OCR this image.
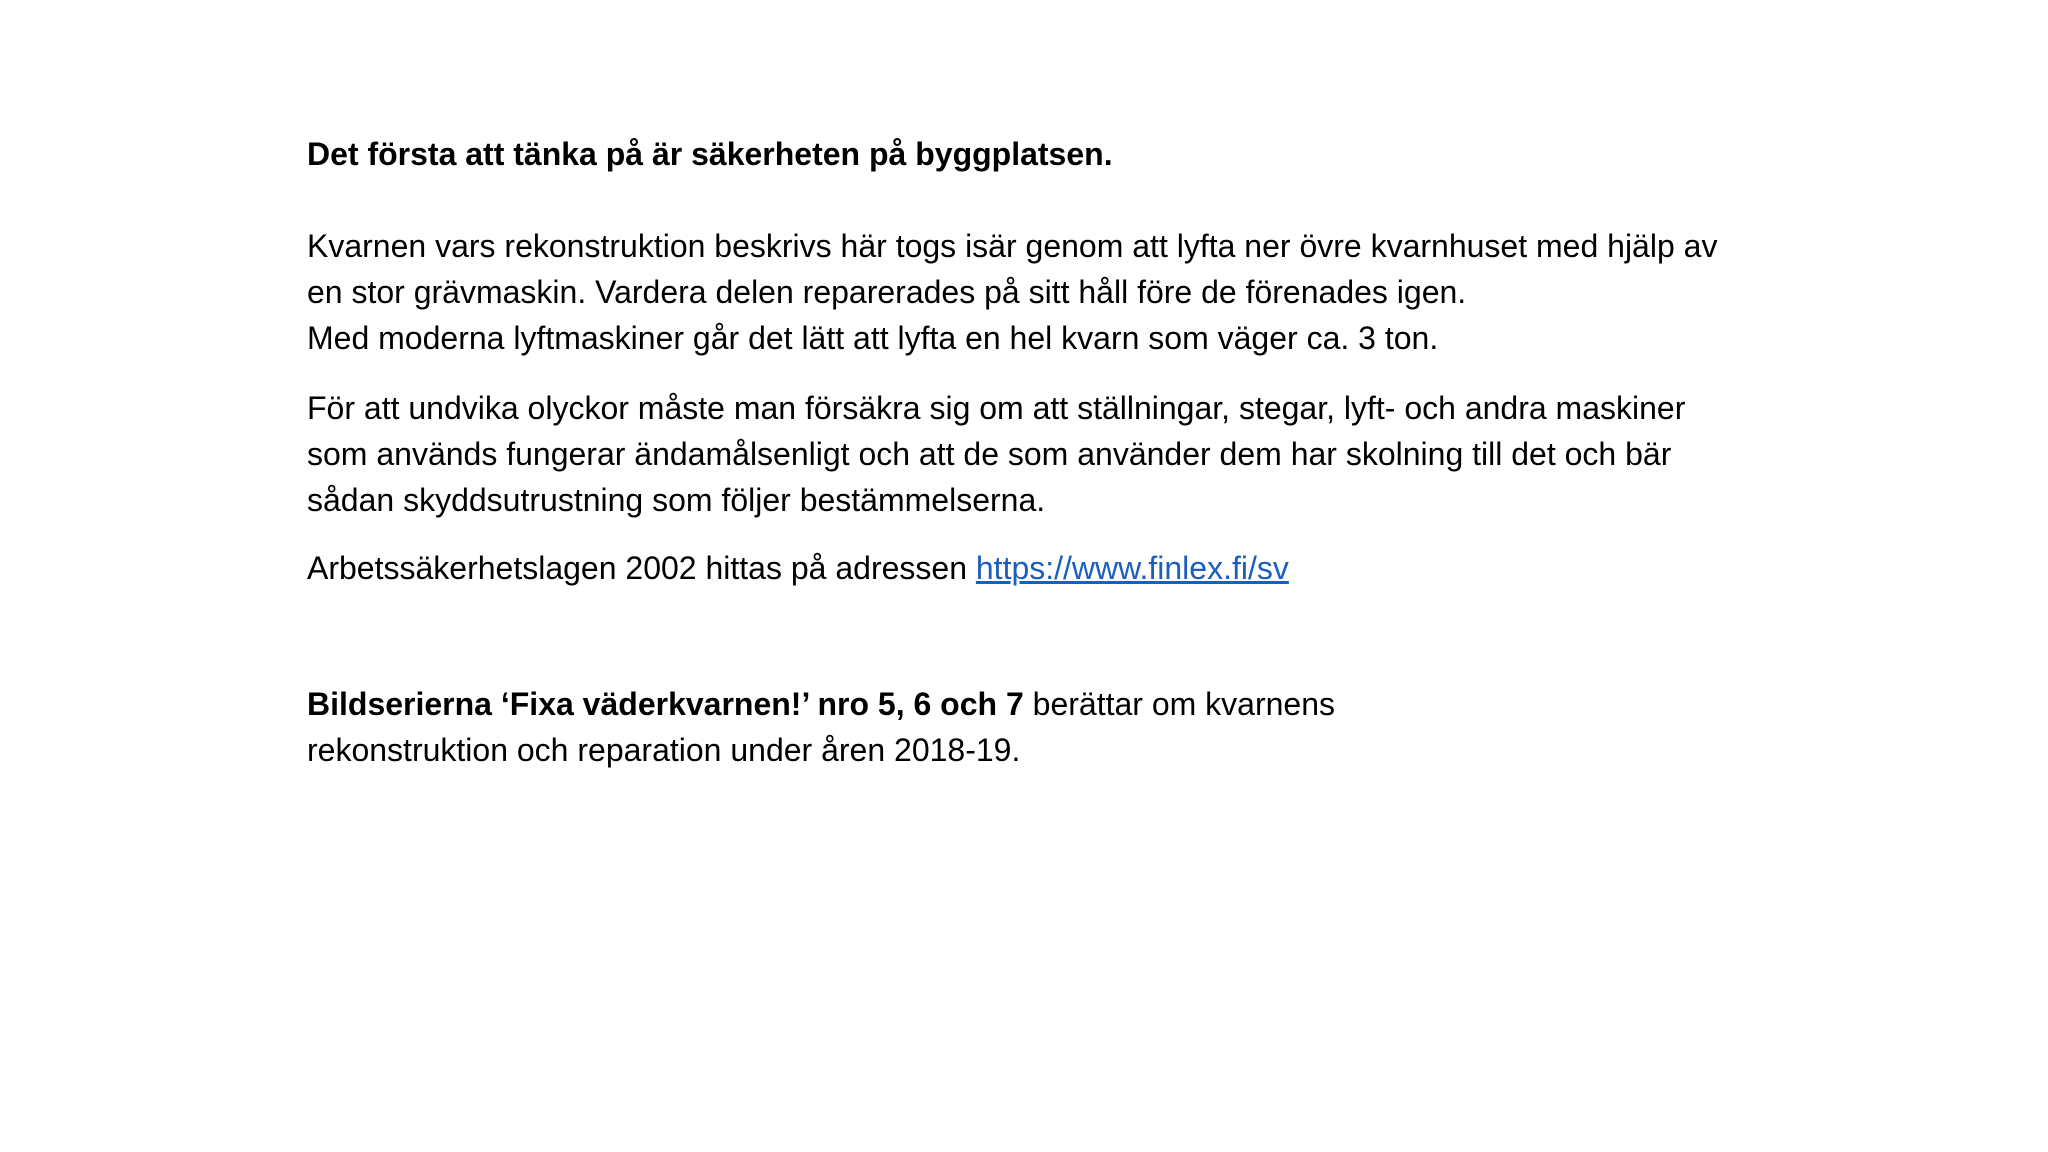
Det första att tänka på är säkerheten på byggplatsen.

Kvarnen vars rekonstruktion beskrivs här togs isär genom att lyfta ner övre kvarnhuset med hjälp av
en stor grävmaskin. Vardera delen reparerades på sitt håll före de förenades igen.
Med moderna lyftmaskiner går det lätt att lyfta en hel kvarn som väger ca. 3 ton.

För att undvika olyckor måste man försäkra sig om att ställningar, stegar, lyft- och andra maskiner
som används fungerar ändamålsenligt och att de som använder dem har skolning till det och bär
sådan skyddsutrustning som följer bestämmelserna.

Arbetssäkerhetslagen 2002 hittas på adressen https://www.finlex.fi/sv

Bildserierna ‘Fixa väderkvarnen!’ nro 5, 6 och 7 berättar om kvarnens
rekonstruktion och reparation under åren 2018-19.
